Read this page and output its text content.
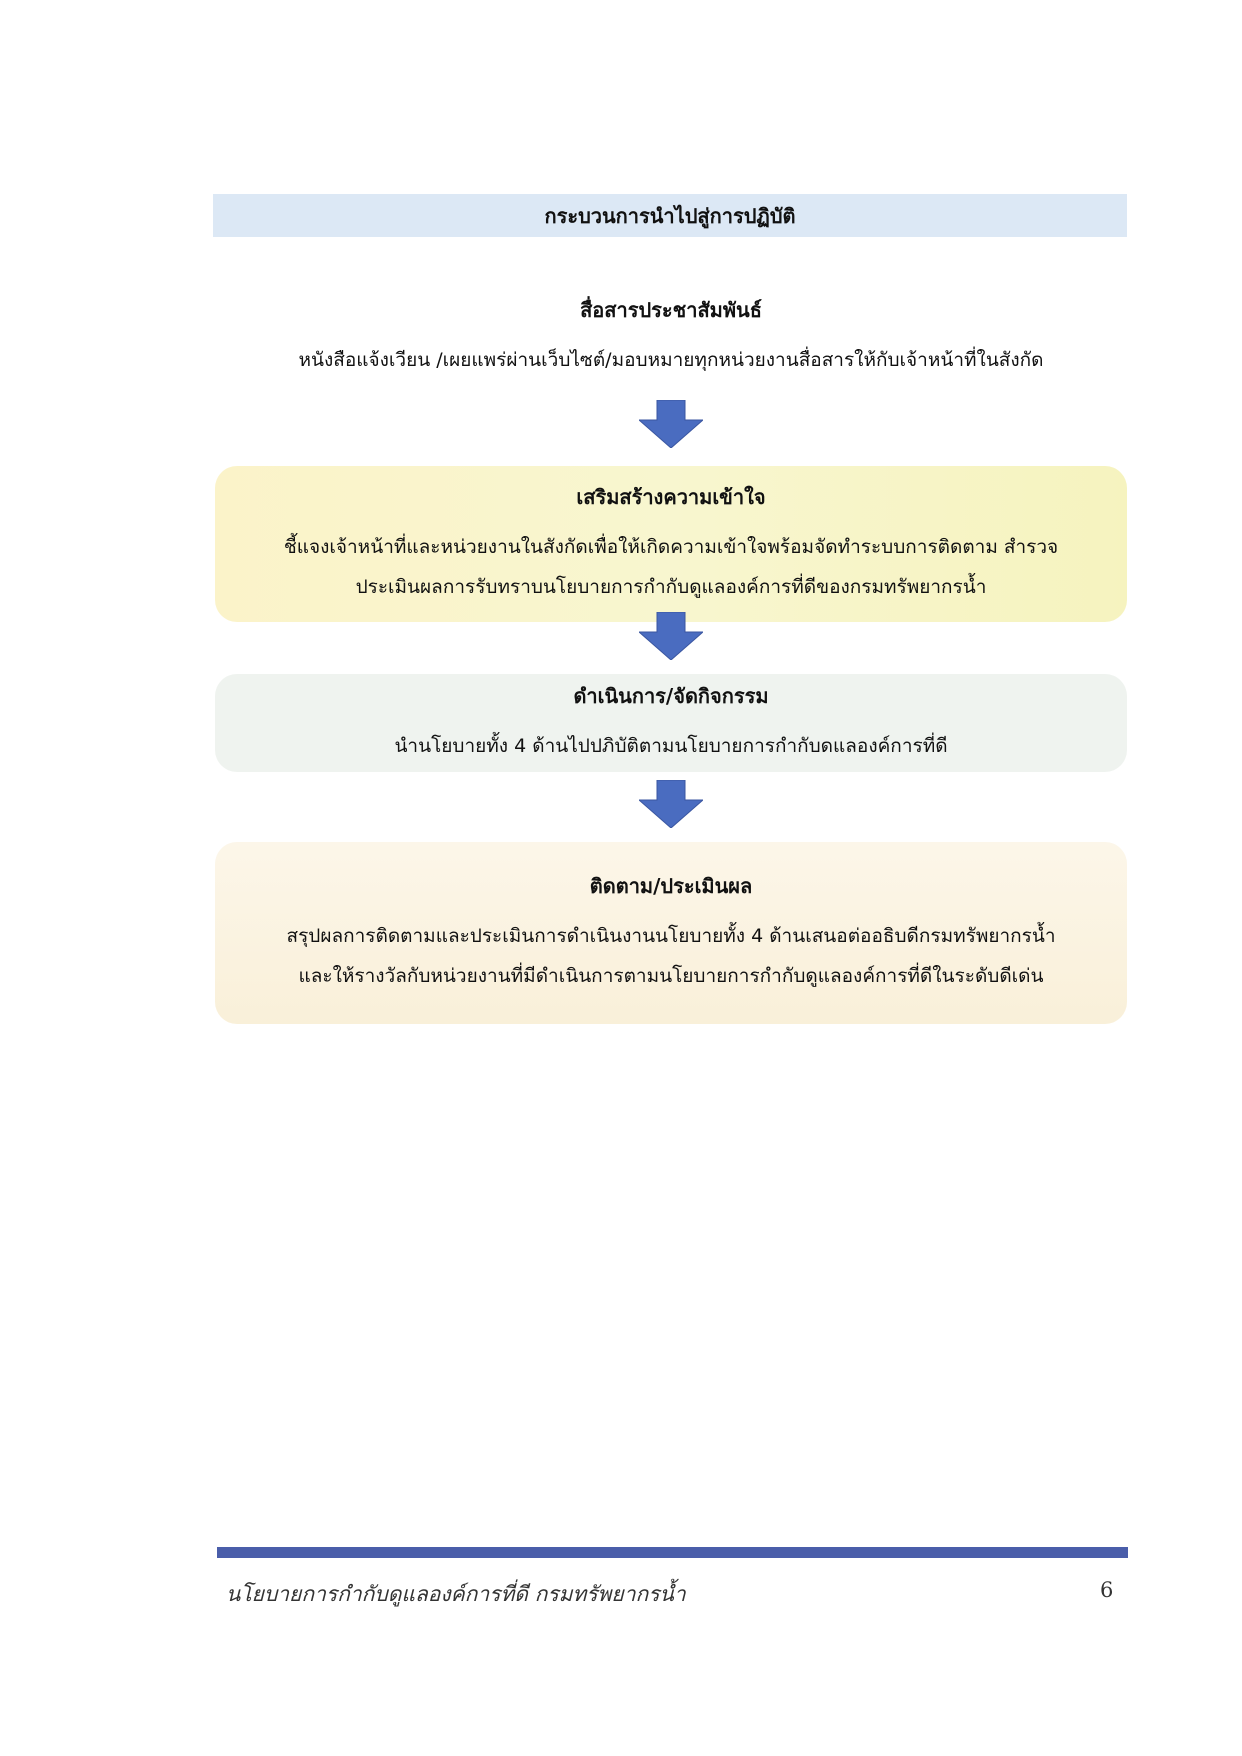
กระบวนการนำไปสู่การปฏิบัติ
สื่อสารประชาสัมพันธ์
หนังสือแจ้งเวียน /เผยแพร่ผ่านเว็บไซต์/มอบหมายทุกหน่วยงานสื่อสารให้กับเจ้าหน้าที่ในสังกัด
เสริมสร้างความเข้าใจ
ชี้แจงเจ้าหน้าที่และหน่วยงานในสังกัดเพื่อให้เกิดความเข้าใจพร้อมจัดทำระบบการติดตาม สำรวจ
ประเมินผลการรับทราบนโยบายการกำกับดูแลองค์การที่ดีของกรมทรัพยากรน้ำ
ดำเนินการ/จัดกิจกรรม
นำนโยบายทั้ง 4 ด้านไปปภิบัติตามนโยบายการกำกับดแลองค์การที่ดี
ติดตาม/ประเมินผล
สรุปผลการติดตามและประเมินการดำเนินงานนโยบายทั้ง 4 ด้านเสนอต่ออธิบดีกรมทรัพยากรน้ำ
และให้รางวัลกับหน่วยงานที่มีดำเนินการตามนโยบายการกำกับดูแลองค์การที่ดีในระดับดีเด่น
นโยบายการกำกับดูแลองค์การที่ดี กรมทรัพยากรน้ำ	6
